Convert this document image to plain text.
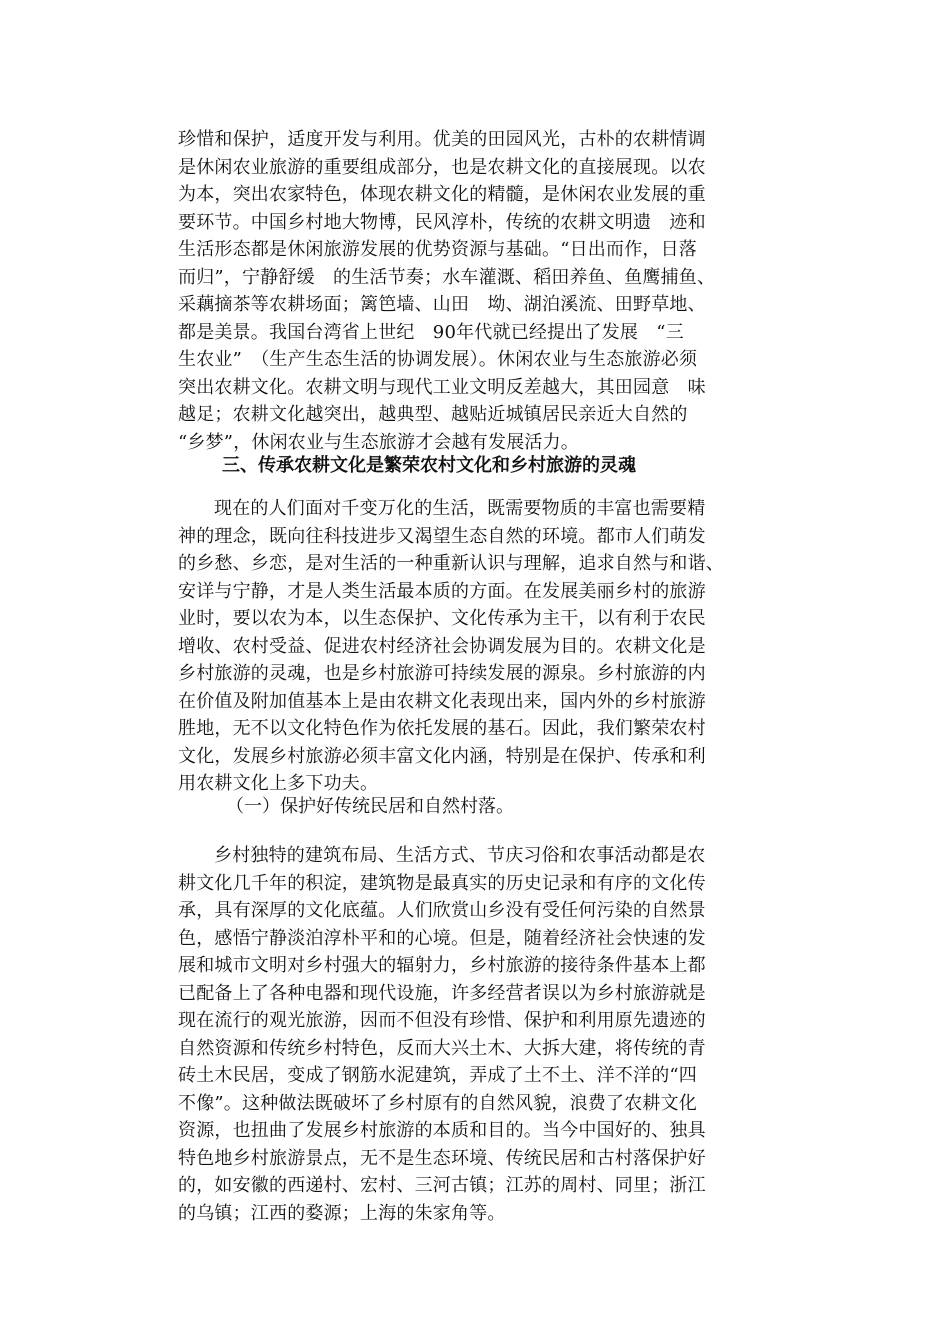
珍惜和保护，适度开发与利用。优美的田园风光，古朴的农耕情调
是休闲农业旅游的重要组成部分，也是农耕文化的直接展现。以农
为本，突出农家特色，体现农耕文化的精髓，是休闲农业发展的重
要环节。中国乡村地大物博，民风淳朴，传统的农耕文明遗　迹和
生活形态都是休闲旅游发展的优势资源与基础。“日出而作，日落
而归”，宁静舒缓　的生活节奏；水车灌溉、稻田养鱼、鱼鹰捕鱼、
采藕摘茶等农耕场面；篱笆墙、山田　坳、湖泊溪流、田野草地、
都是美景。我国台湾省上世纪　90年代就已经提出了发展　“三
生农业”　（生产生态生活的协调发展）。休闲农业与生态旅游必须
突出农耕文化。农耕文明与现代工业文明反差越大，其田园意　味
越足；农耕文化越突出，越典型、越贴近城镇居民亲近大自然的
“乡梦”，休闲农业与生态旅游才会越有发展活力。
三、传承农耕文化是繁荣农村文化和乡村旅游的灵魂
现在的人们面对千变万化的生活，既需要物质的丰富也需要精
神的理念，既向往科技进步又渴望生态自然的环境。都市人们萌发
的乡愁、乡恋，是对生活的一种重新认识与理解，追求自然与和谐、
安详与宁静，才是人类生活最本质的方面。在发展美丽乡村的旅游
业时，要以农为本，以生态保护、文化传承为主干，以有利于农民
增收、农村受益、促进农村经济社会协调发展为目的。农耕文化是
乡村旅游的灵魂，也是乡村旅游可持续发展的源泉。乡村旅游的内
在价值及附加值基本上是由农耕文化表现出来，国内外的乡村旅游
胜地，无不以文化特色作为依托发展的基石。因此，我们繁荣农村
文化，发展乡村旅游必须丰富文化内涵，特别是在保护、传承和利
用农耕文化上多下功夫。
（一）保护好传统民居和自然村落。
乡村独特的建筑布局、生活方式、节庆习俗和农事活动都是农
耕文化几千年的积淀，建筑物是最真实的历史记录和有序的文化传
承，具有深厚的文化底蕴。人们欣赏山乡没有受任何污染的自然景
色，感悟宁静淡泊淳朴平和的心境。但是，随着经济社会快速的发
展和城市文明对乡村强大的辐射力，乡村旅游的接待条件基本上都
已配备上了各种电器和现代设施，许多经营者误以为乡村旅游就是
现在流行的观光旅游，因而不但没有珍惜、保护和利用原先遗迹的
自然资源和传统乡村特色，反而大兴土木、大拆大建，将传统的青
砖土木民居，变成了钢筋水泥建筑，弄成了土不土、洋不洋的“四
不像”。这种做法既破坏了乡村原有的自然风貌，浪费了农耕文化
资源，也扭曲了发展乡村旅游的本质和目的。当今中国好的、独具
特色地乡村旅游景点，无不是生态环境、传统民居和古村落保护好
的，如安徽的西递村、宏村、三河古镇；江苏的周村、同里；浙江
的乌镇；江西的婺源；上海的朱家角等。
